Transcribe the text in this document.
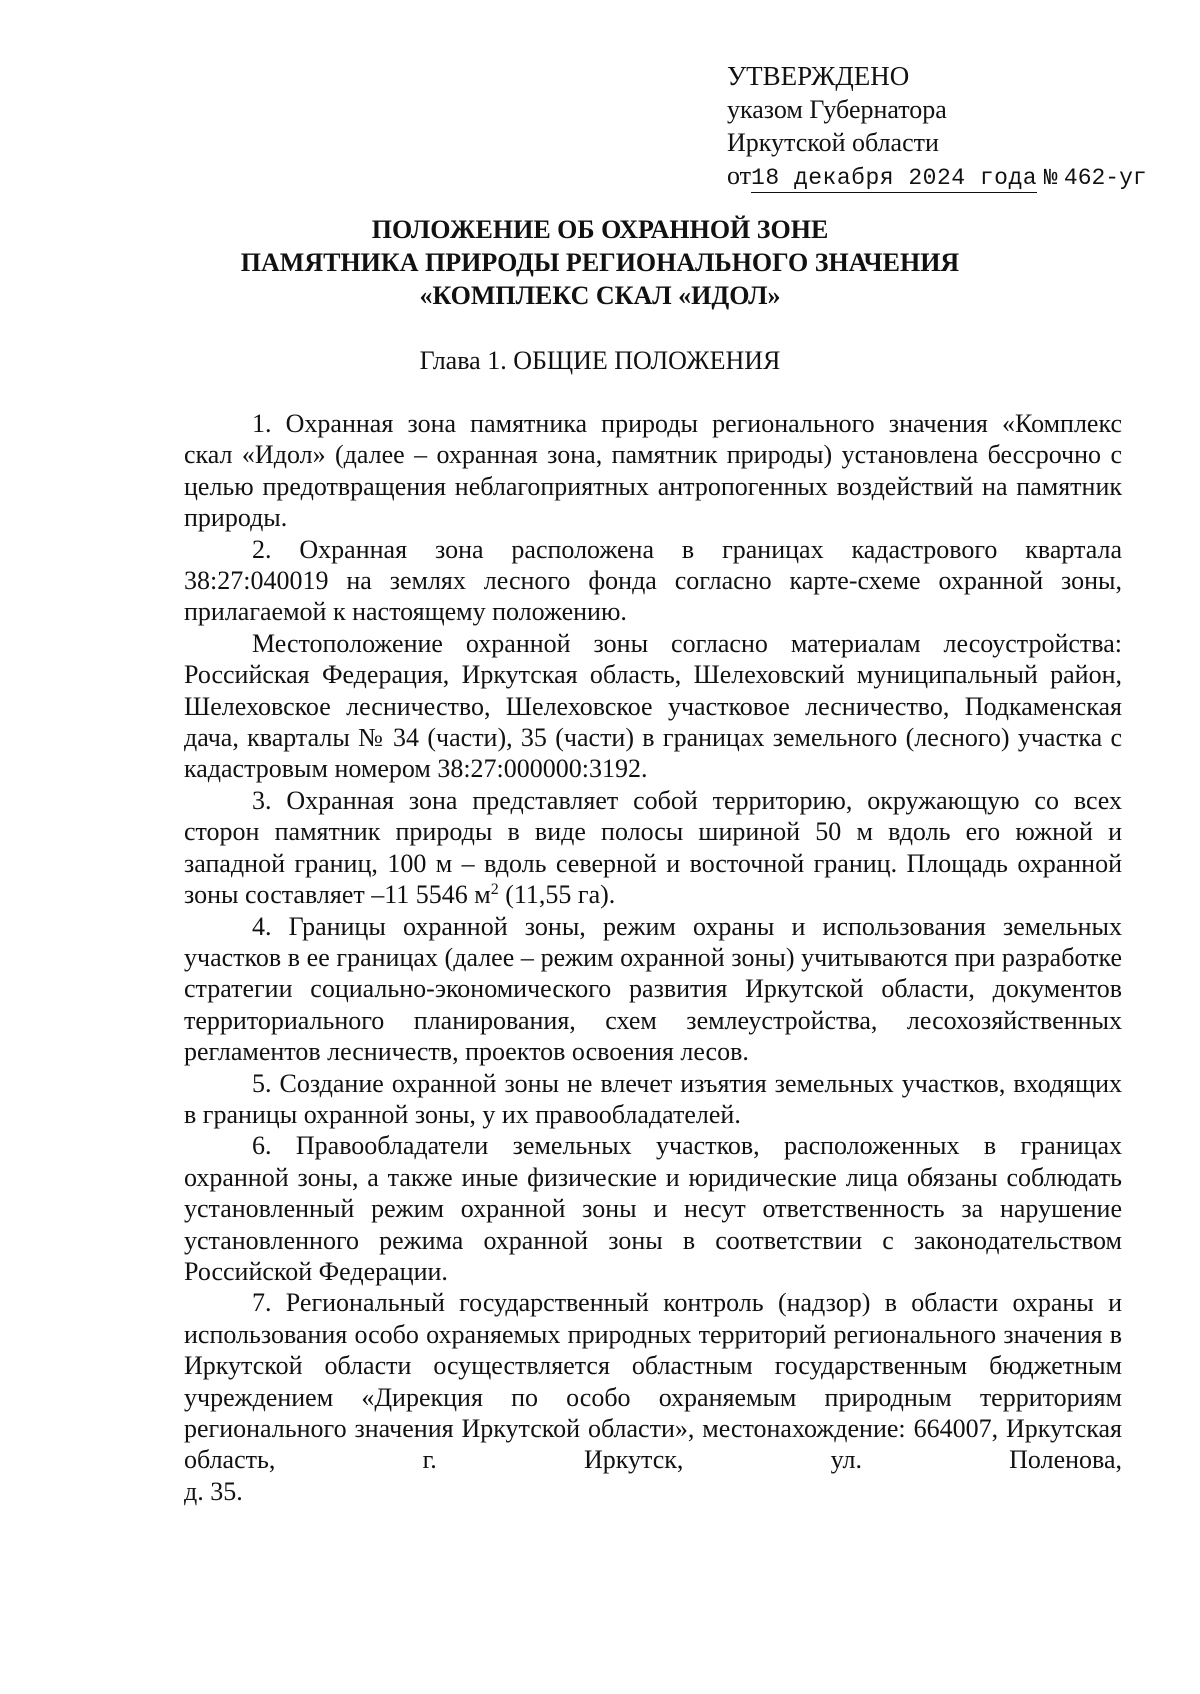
УТВЕРЖДЕНО
указом Губернатора
Иркутской области
от18 декабря 2024 года № 462-уг
ПОЛОЖЕНИЕ ОБ ОХРАННОЙ ЗОНЕ
ПАМЯТНИКА ПРИРОДЫ РЕГИОНАЛЬНОГО ЗНАЧЕНИЯ
«КОМПЛЕКС СКАЛ «ИДОЛ»
Глава 1. ОБЩИЕ ПОЛОЖЕНИЯ

1. Охранная зона памятника природы регионального значения «Комплекс скал «Идол» (далее – охранная зона, памятник природы) установлена бессрочно с целью предотвращения неблагоприятных антропогенных воздействий на памятник природы.

2. Охранная зона расположена в границах кадастрового квартала 38:27:040019 на землях лесного фонда согласно карте-схеме охранной зоны, прилагаемой к настоящему положению.

Местоположение охранной зоны согласно материалам лесоустройства: Российская Федерация, Иркутская область, Шелеховский муниципальный район, Шелеховское лесничество, Шелеховское участковое лесничество, Подкаменская дача, кварталы № 34 (части), 35 (части) в границах земельного (лесного) участка с кадастровым номером 38:27:000000:3192.

3. Охранная зона представляет собой территорию, окружающую со всех сторон памятник природы в виде полосы шириной 50 м вдоль его южной и западной границ, 100 м – вдоль северной и восточной границ. Площадь охранной зоны составляет –11 5546 $м^2$ (11,55 га).

4. Границы охранной зоны, режим охраны и использования земельных участков в ее границах (далее – режим охранной зоны) учитываются при разработке стратегии социально-экономического развития Иркутской области, документов территориального планирования, схем землеустройства, лесохозяйственных регламентов лесничеств, проектов освоения лесов.

5. Создание охранной зоны не влечет изъятия земельных участков, входящих в границы охранной зоны, у их правообладателей.

6. Правообладатели земельных участков, расположенных в границах охранной зоны, а также иные физические и юридические лица обязаны соблюдать установленный режим охранной зоны и несут ответственность за нарушение установленного режима охранной зоны в соответствии с законодательством Российской Федерации.

7. Региональный государственный контроль (надзор) в области охраны и использования особо охраняемых природных территорий регионального значения в Иркутской области осуществляется областным государственным бюджетным учреждением «Дирекция по особо охраняемым природным территориям регионального значения Иркутской области», местонахождение: 664007, Иркутская область, г. Иркутск, ул. Поленова,

д. 35.
